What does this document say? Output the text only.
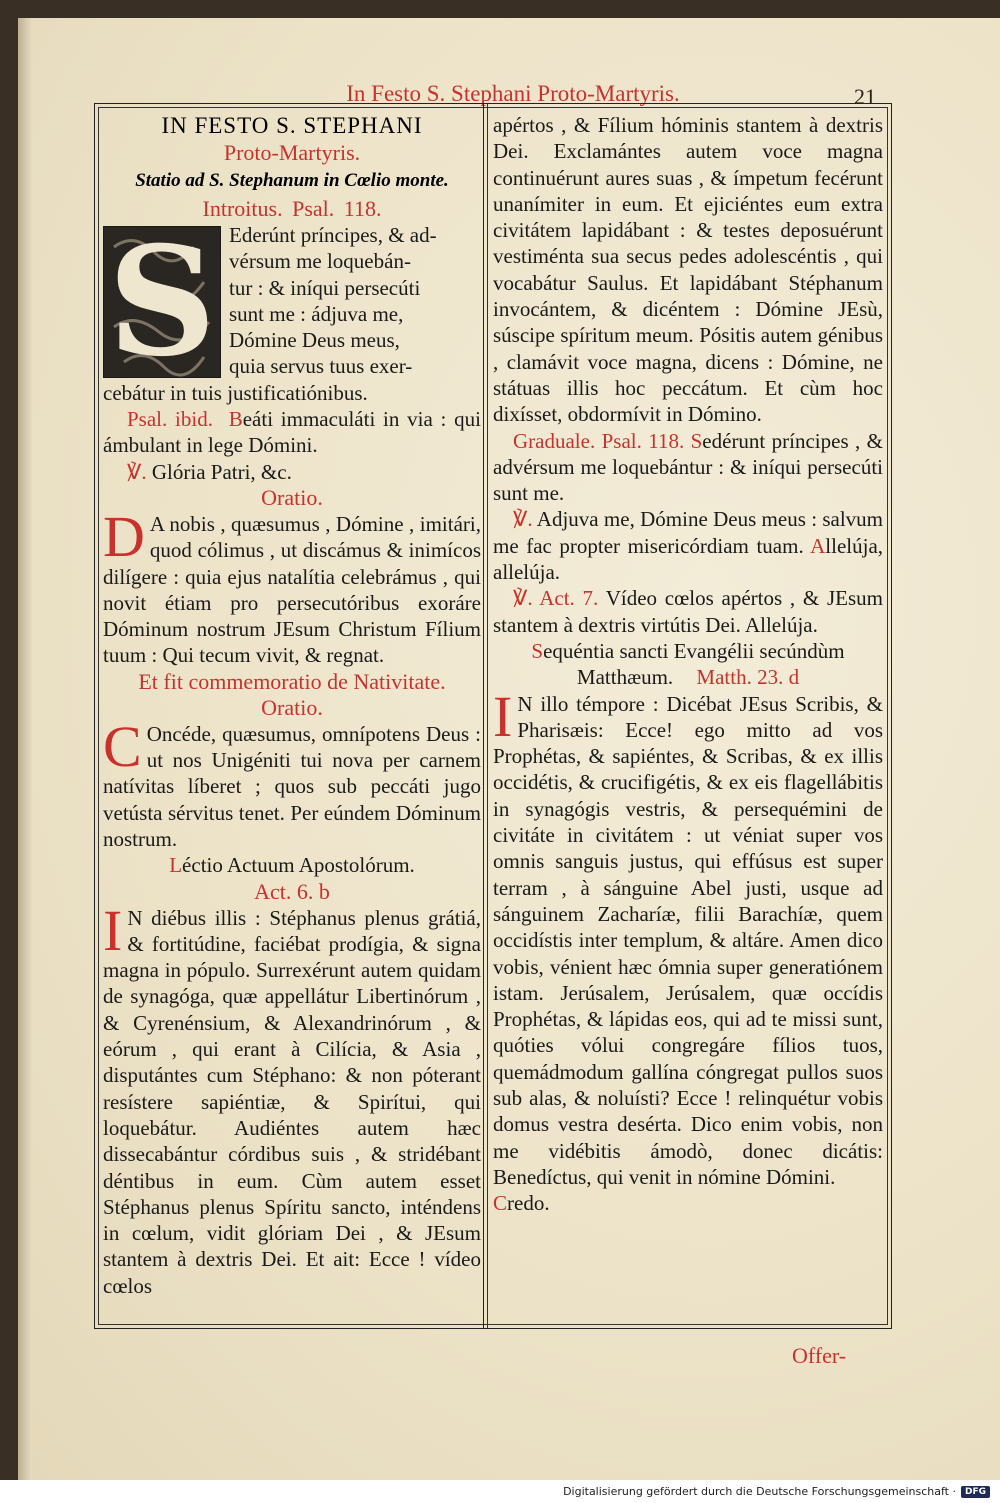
In Festo S. Stephani Proto-Martyris.	21

IN FESTO S. STEPHANI

Proto-Martyris.

Statio ad S. Stephanum in Cœlio monte.

Introitus. Psal. 118.

S Ederúnt príncipes, & ad-
vérsum me loquebán-
tur : & iníqui persecúti
sunt me : ádjuva me,
Dómine Deus meus,
quia servus tuus exer-
cebátur in tuis justificatiónibus.

Psal. ibid. Beáti immaculáti in via : qui ámbulant in lege Dómini.

℣. Glória Patri, &c.

Oratio.

D A nobis , quæsumus , Dómine , imitári, quod cólimus , ut discámus & inimícos dilígere : quia ejus natalítia celebrámus , qui novit étiam pro persecutóribus exoráre Dóminum nostrum JEsum Christum Fílium tuum : Qui tecum vivit, & regnat.

Et fit commemoratio de Nativitate.

Oratio.

C Oncéde, quæsumus, omnípotens Deus : ut nos Unigéniti tui nova per carnem natívitas líberet ; quos sub peccáti jugo vetústa sérvitus tenet. Per eúndem Dóminum nostrum.

Léctio Actuum Apostolórum.

Act. 6. b

I N diébus illis : Stéphanus plenus grátiá, & fortitúdine, faciébat prodígia, & signa magna in pópulo. Surrexérunt autem quidam de synagóga, quæ appellátur Libertinórum , & Cyrenénsium, & Alexandrinórum , & eórum , qui erant à Cilícia, & Asia , disputántes cum Stéphano: & non póterant resístere sapiéntiæ, & Spirítui, qui loquebátur. Audiéntes autem hæc dissecabántur córdibus suis , & stridébant déntibus in eum. Cùm autem esset Stéphanus plenus Spíritu sancto, inténdens in cœlum, vidit glóriam Dei , & JEsum stantem à dextris Dei. Et ait: Ecce ! vídeo cœlos

apértos , & Fílium hóminis stantem à dextris Dei. Exclamántes autem voce magna continuérunt aures suas , & ímpetum fecérunt unanímiter in eum. Et ejiciéntes eum extra civitátem lapidábant : & testes deposuérunt vestiménta sua secus pedes adolescéntis , qui vocabátur Saulus. Et lapidábant Stéphanum invocántem, & dicéntem : Dómine JEsù, súscipe spíritum meum. Pósitis autem génibus , clamávit voce magna, dicens : Dómine, ne státuas illis hoc peccátum. Et cùm hoc dixísset, obdormívit in Dómino.

Graduale. Psal. 118. Sedérunt príncipes , & advérsum me loquebántur : & iníqui persecúti sunt me.

℣. Adjuva me, Dómine Deus meus : salvum me fac propter misericórdiam tuam. Allelúja, allelúja.

℣. Act. 7. Vídeo cœlos apértos , & JEsum stantem à dextris virtútis Dei. Allelúja.

Sequéntia sancti Evangélii secúndùm

Matthæum. Matth. 23. d

I N illo témpore : Dicébat JEsus Scribis, & Pharisæis: Ecce! ego mitto ad vos Prophétas, & sapiéntes, & Scribas, & ex illis occidétis, & crucifigétis, & ex eis flagellábitis in synagógis vestris, & persequémini de civitáte in civitátem : ut véniat super vos omnis sanguis justus, qui effúsus est super terram , à sánguine Abel justi, usque ad sánguinem Zacharíæ, filii Barachíæ, quem occidístis inter templum, & altáre. Amen dico vobis, vénient hæc ómnia super generatiónem istam. Jerúsalem, Jerúsalem, quæ occídis Prophétas, & lápidas eos, qui ad te missi sunt, quóties vólui congregáre fílios tuos, quemádmodum gallína cóngregat pullos suos sub alas, & noluísti? Ecce ! relinquétur vobis domus vestra desérta. Dico enim vobis, non me vidébitis ámodò, donec dicátis: Benedíctus, qui venit in nómine Dómini.

Credo.

Offer-
Digitalisierung gefördert durch die Deutsche Forschungsgemeinschaft ·	DFG
